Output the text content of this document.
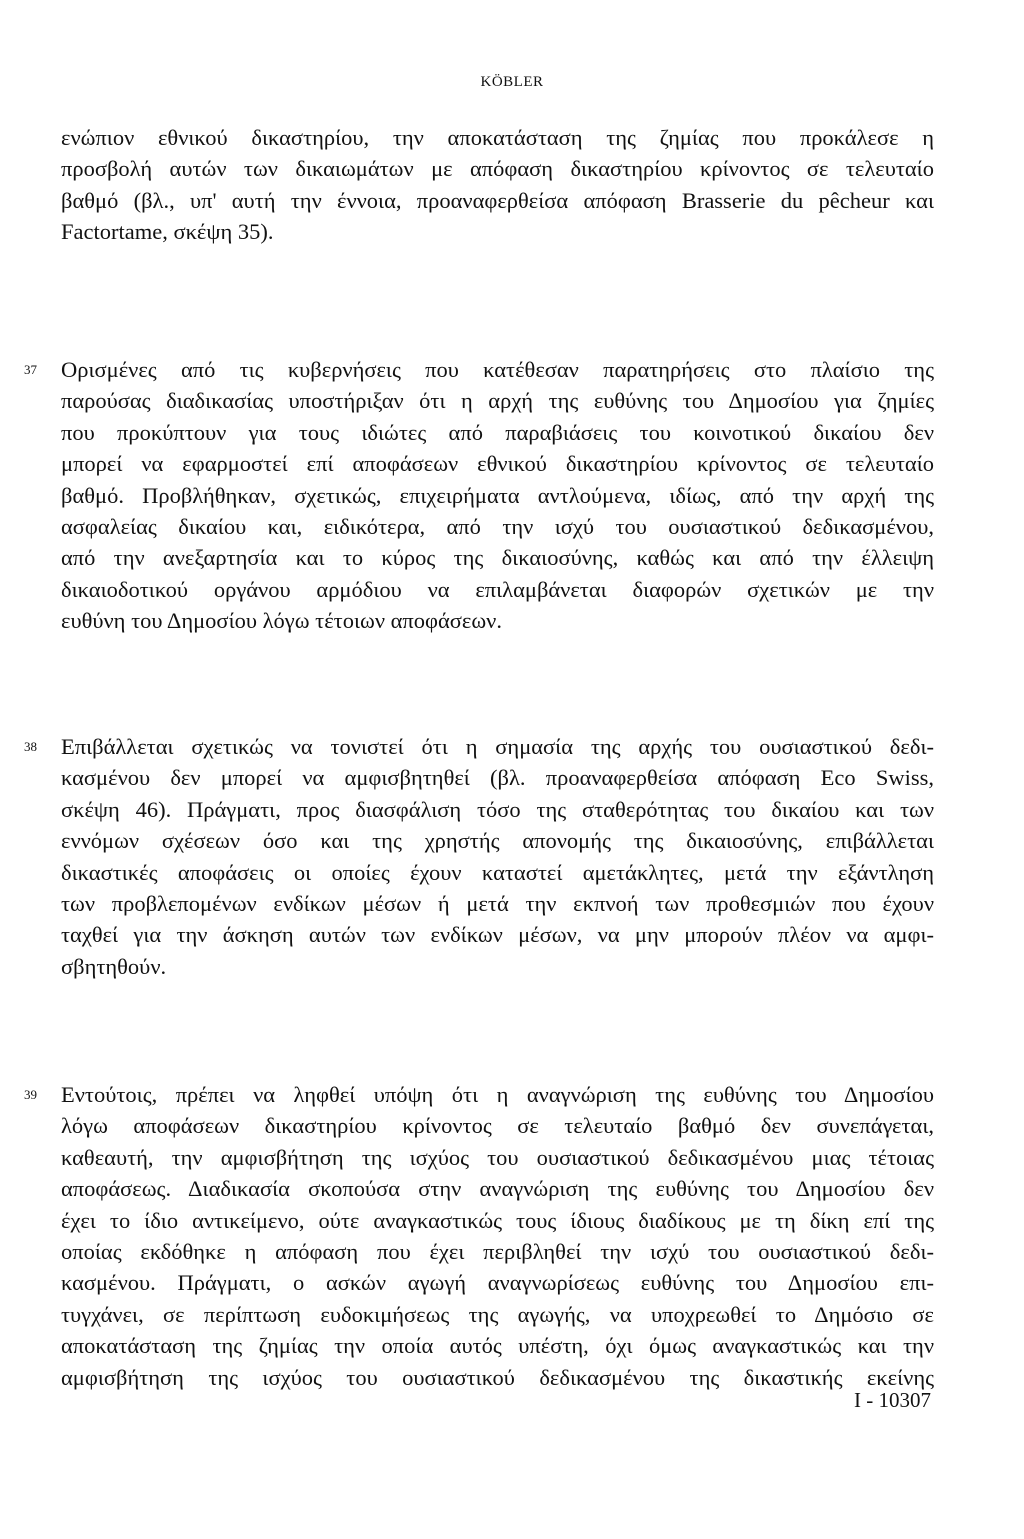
KÖBLER
ενώπιον εθνικού δικαστηρίου, την αποκατάσταση της ζημίας που προκάλεσε η
προσβολή αυτών των δικαιωμάτων με απόφαση δικαστηρίου κρίνοντος σε τελευταίο
βαθμό (βλ., υπ' αυτή την έννοια, προαναφερθείσα απόφαση Brasserie du pêcheur και
Factortame, σκέψη 35).
37 Ορισμένες από τις κυβερνήσεις που κατέθεσαν παρατηρήσεις στο πλαίσιο της
παρούσας διαδικασίας υποστήριξαν ότι η αρχή της ευθύνης του Δημοσίου για ζημίες
που προκύπτουν για τους ιδιώτες από παραβιάσεις του κοινοτικού δικαίου δεν
μπορεί να εφαρμοστεί επί αποφάσεων εθνικού δικαστηρίου κρίνοντος σε τελευταίο
βαθμό. Προβλήθηκαν, σχετικώς, επιχειρήματα αντλούμενα, ιδίως, από την αρχή της
ασφαλείας δικαίου και, ειδικότερα, από την ισχύ του ουσιαστικού δεδικασμένου,
από την ανεξαρτησία και το κύρος της δικαιοσύνης, καθώς και από την έλλειψη
δικαιοδοτικού οργάνου αρμόδιου να επιλαμβάνεται διαφορών σχετικών με την
ευθύνη του Δημοσίου λόγω τέτοιων αποφάσεων.
38 Επιβάλλεται σχετικώς να τονιστεί ότι η σημασία της αρχής του ουσιαστικού δεδι-
κασμένου δεν μπορεί να αμφισβητηθεί (βλ. προαναφερθείσα απόφαση Eco Swiss,
σκέψη 46). Πράγματι, προς διασφάλιση τόσο της σταθερότητας του δικαίου και των
εννόμων σχέσεων όσο και της χρηστής απονομής της δικαιοσύνης, επιβάλλεται
δικαστικές αποφάσεις οι οποίες έχουν καταστεί αμετάκλητες, μετά την εξάντληση
των προβλεπομένων ενδίκων μέσων ή μετά την εκπνοή των προθεσμιών που έχουν
ταχθεί για την άσκηση αυτών των ενδίκων μέσων, να μην μπορούν πλέον να αμφι-
σβητηθούν.
39 Εντούτοις, πρέπει να ληφθεί υπόψη ότι η αναγνώριση της ευθύνης του Δημοσίου
λόγω αποφάσεων δικαστηρίου κρίνοντος σε τελευταίο βαθμό δεν συνεπάγεται,
καθεαυτή, την αμφισβήτηση της ισχύος του ουσιαστικού δεδικασμένου μιας τέτοιας
αποφάσεως. Διαδικασία σκοπούσα στην αναγνώριση της ευθύνης του Δημοσίου δεν
έχει το ίδιο αντικείμενο, ούτε αναγκαστικώς τους ίδιους διαδίκους με τη δίκη επί της
οποίας εκδόθηκε η απόφαση που έχει περιβληθεί την ισχύ του ουσιαστικού δεδι-
κασμένου. Πράγματι, ο ασκών αγωγή αναγνωρίσεως ευθύνης του Δημοσίου επι-
τυγχάνει, σε περίπτωση ευδοκιμήσεως της αγωγής, να υποχρεωθεί το Δημόσιο σε
αποκατάσταση της ζημίας την οποία αυτός υπέστη, όχι όμως αναγκαστικώς και την
αμφισβήτηση της ισχύος του ουσιαστικού δεδικασμένου της δικαστικής εκείνης
I - 10307
